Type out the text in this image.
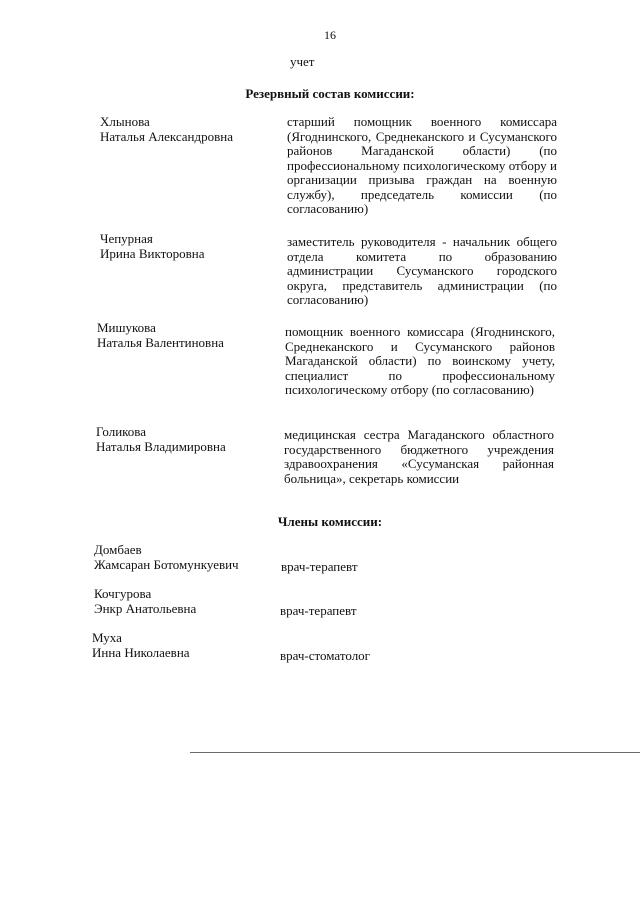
16
учет
Резервный состав комиссии:
Хлынова
Наталья Александровна
старший помощник военного комиссара (Ягоднинского, Среднеканского и Сусуманского районов Магаданской области) (по профессиональному психологическому отбору и организации призыва граждан на военную службу), председатель комиссии (по согласованию)
Чепурная
Ирина Викторовна
заместитель руководителя - начальник общего отдела комитета по образованию администрации Сусуманского городского округа, представитель администрации (по согласованию)
Мишукова
Наталья Валентиновна
помощник военного комиссара (Ягоднинского, Среднеканского и Сусуманского районов Магаданской области) по воинскому учету, специалист по профессиональному психологическому отбору (по согласованию)
Голикова
Наталья Владимировна
медицинская сестра Магаданского областного государственного бюджетного учреждения здравоохранения «Сусуманская районная больница», секретарь комиссии
Члены комиссии:
Домбаев
Жамсаран Ботомункуевич	врач-терапевт
Кочгурова
Энкр Анатольевна	врач-терапевт
Муха
Инна Николаевна	врач-стоматолог
